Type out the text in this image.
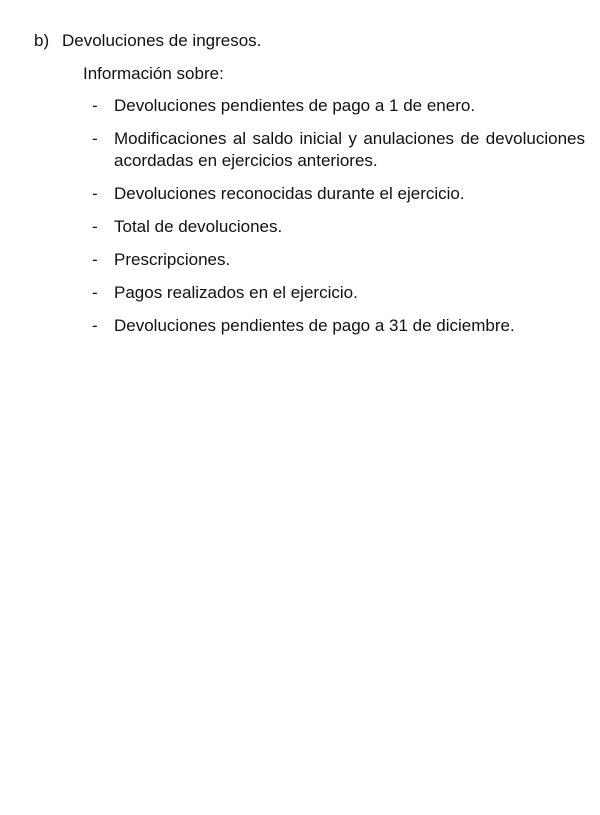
b) Devoluciones de ingresos.
Información sobre:
- Devoluciones pendientes de pago a 1 de enero.
- Modificaciones al saldo inicial y anulaciones de devoluciones acordadas en ejercicios anteriores.
- Devoluciones reconocidas durante el ejercicio.
- Total de devoluciones.
- Prescripciones.
- Pagos realizados en el ejercicio.
- Devoluciones pendientes de pago a 31 de diciembre.
